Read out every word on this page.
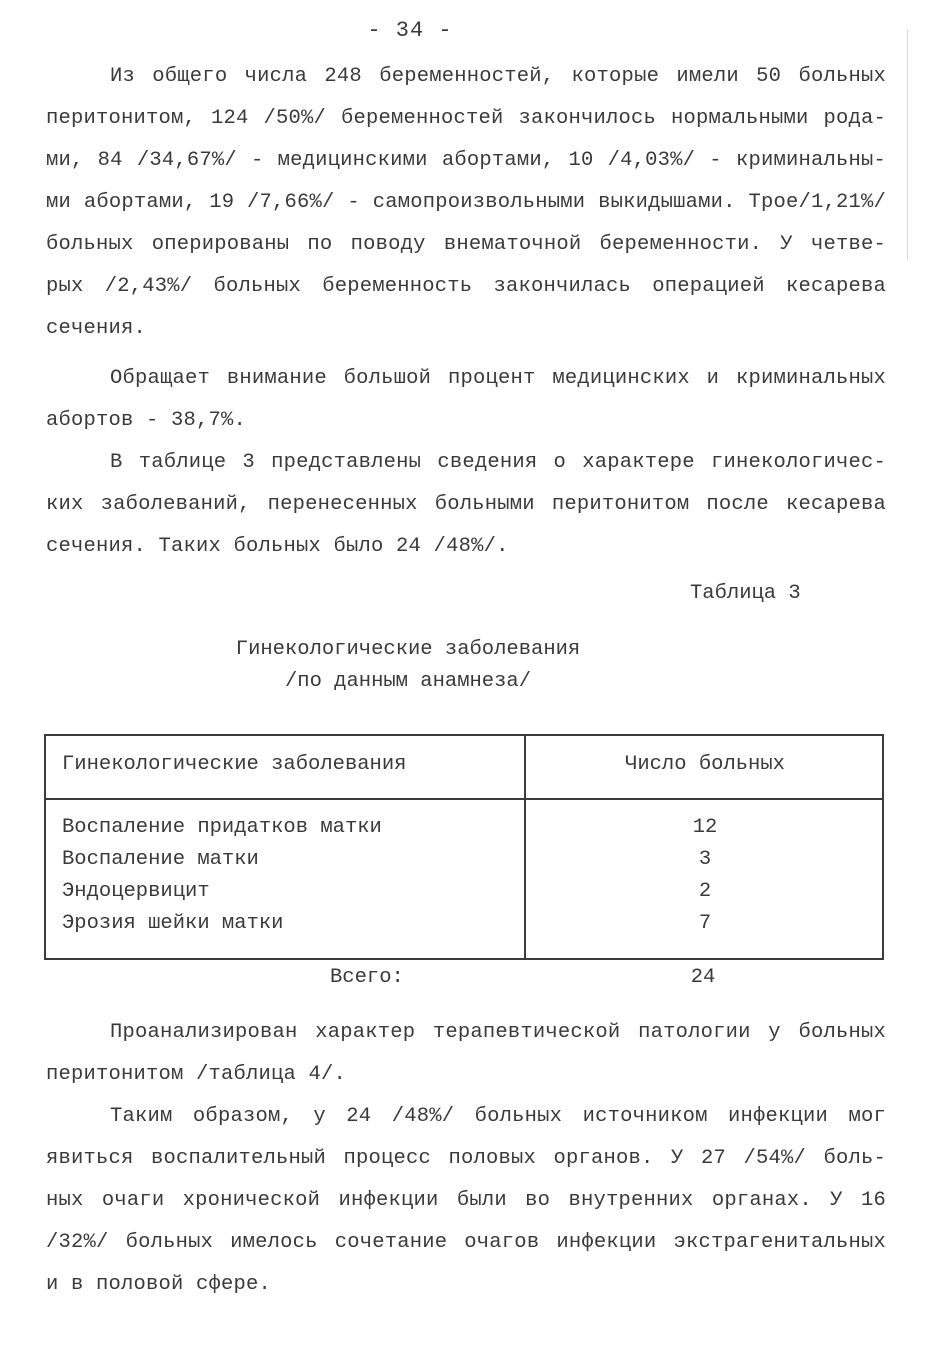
- 34 -
Из общего числа 248 беременностей, которые имели 50 больных
перитонитом, 124 /50%/ беременностей закончилось нормальными рода-
ми, 84 /34,67%/ - медицинскими абортами, 10 /4,03%/ - криминальны-
ми абортами, 19 /7,66%/ - самопроизвольными выкидышами. Трое/1,21%/
больных оперированы по поводу внематочной беременности. У четве-
рых /2,43%/ больных беременность закончилась операцией кесарева
сечения.
Обращает внимание большой процент медицинских и криминальных
абортов - 38,7%.
В таблице 3 представлены сведения о характере гинекологичес-
ких заболеваний, перенесенных больными перитонитом после кесарева
сечения. Таких больных было 24 /48%/.
Таблица 3
Гинекологические заболевания
/по данным анамнеза/
Гинекологические заболевания	Число больных
Воспаление придатков матки	12
Воспаление матки	3
Эндоцервицит	2
Эрозия шейки матки	7
Всего:	24
Проанализирован характер терапевтической патологии у больных
перитонитом /таблица 4/.
Таким образом, у 24 /48%/ больных источником инфекции мог
явиться воспалительный процесс половых органов. У 27 /54%/ боль-
ных очаги хронической инфекции были во внутренних органах. У 16
/32%/ больных имелось сочетание очагов инфекции экстрагенитальных
и в половой сфере.
